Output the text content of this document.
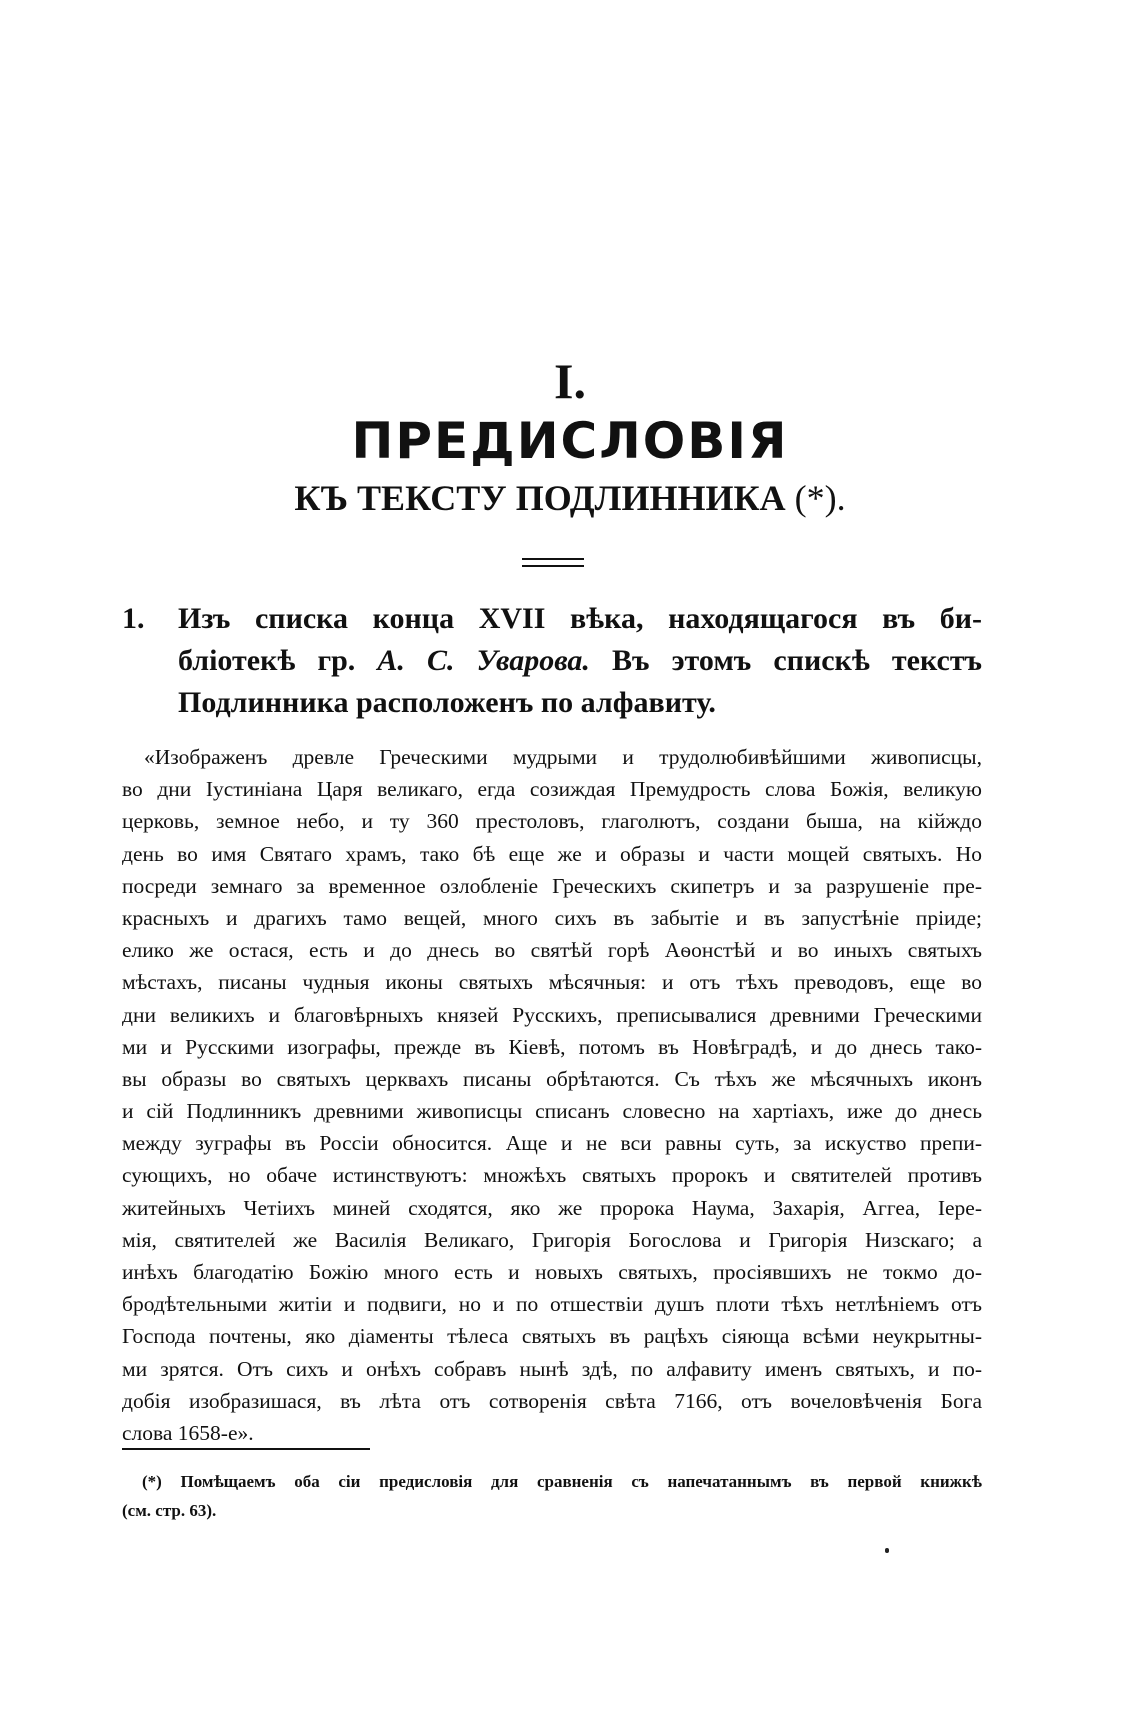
I.
ПРЕДИСЛОВІЯ
КЪ ТЕКСТУ ПОДЛИННИКА (*).
1. Изъ списка конца XVII вѣка, находящагося въ би-
бліотекѣ гр. А. С. Уварова. Въ этомъ спискѣ текстъ
Подлинника расположенъ по алфавиту.
«Изображенъ древле Греческими мудрыми и трудолюбивѣйшими живописцы,
во дни Іустиніана Царя великаго, егда созиждая Премудрость слова Божія, великую
церковь, земное небо, и ту 360 престоловъ, глаголютъ, создани быша, на кійждо
день во имя Святаго храмъ, тако бѣ еще же и образы и части мощей святыхъ. Но
посреди земнаго за временное озлобленіе Греческихъ скипетръ и за разрушеніе пре-
красныхъ и драгихъ тамо вещей, много сихъ въ забытіе и въ запустѣніе пріиде;
елико же остася, есть и до днесь во святѣй горѣ Аѳонстѣй и во иныхъ святыхъ
мѣстахъ, писаны чудныя иконы святыхъ мѣсячныя: и отъ тѣхъ преводовъ, еще во
дни великихъ и благовѣрныхъ князей Русскихъ, преписывалися древними Греческими
ми и Русскими изографы, прежде въ Кіевѣ, потомъ въ Новѣградѣ, и до днесь тако-
вы образы во святыхъ церквахъ писаны обрѣтаются. Съ тѣхъ же мѣсячныхъ иконъ
и сій Подлинникъ древними живописцы списанъ словесно на хартіахъ, иже до днесь
между зуграфы въ Россіи обносится. Аще и не вси равны суть, за искуство препи-
сующихъ, но обаче истинствуютъ: множѣхъ святыхъ пророкъ и святителей противъ
житейныхъ Четіихъ миней сходятся, яко же пророка Наума, Захарія, Аггеа, Іере-
мія, святителей же Василія Великаго, Григорія Богослова и Григорія Низскаго; а
инѣхъ благодатію Божію много есть и новыхъ святыхъ, просіявшихъ не токмо до-
бродѣтельными житіи и подвиги, но и по отшествіи душъ плоти тѣхъ нетлѣніемъ отъ
Господа почтены, яко діаменты тѣлеса святыхъ въ рацѣхъ сіяюща всѣми неукрытны-
ми зрятся. Отъ сихъ и онѣхъ собравъ нынѣ здѣ, по алфавиту именъ святыхъ, и по-
добія изобразишася, въ лѣта отъ сотворенія свѣта 7166, отъ вочеловѣченія Бога
слова 1658-е».
(*) Помѣщаемъ оба сіи предисловія для сравненія съ напечатаннымъ въ первой книжкѣ
(см. стр. 63).
